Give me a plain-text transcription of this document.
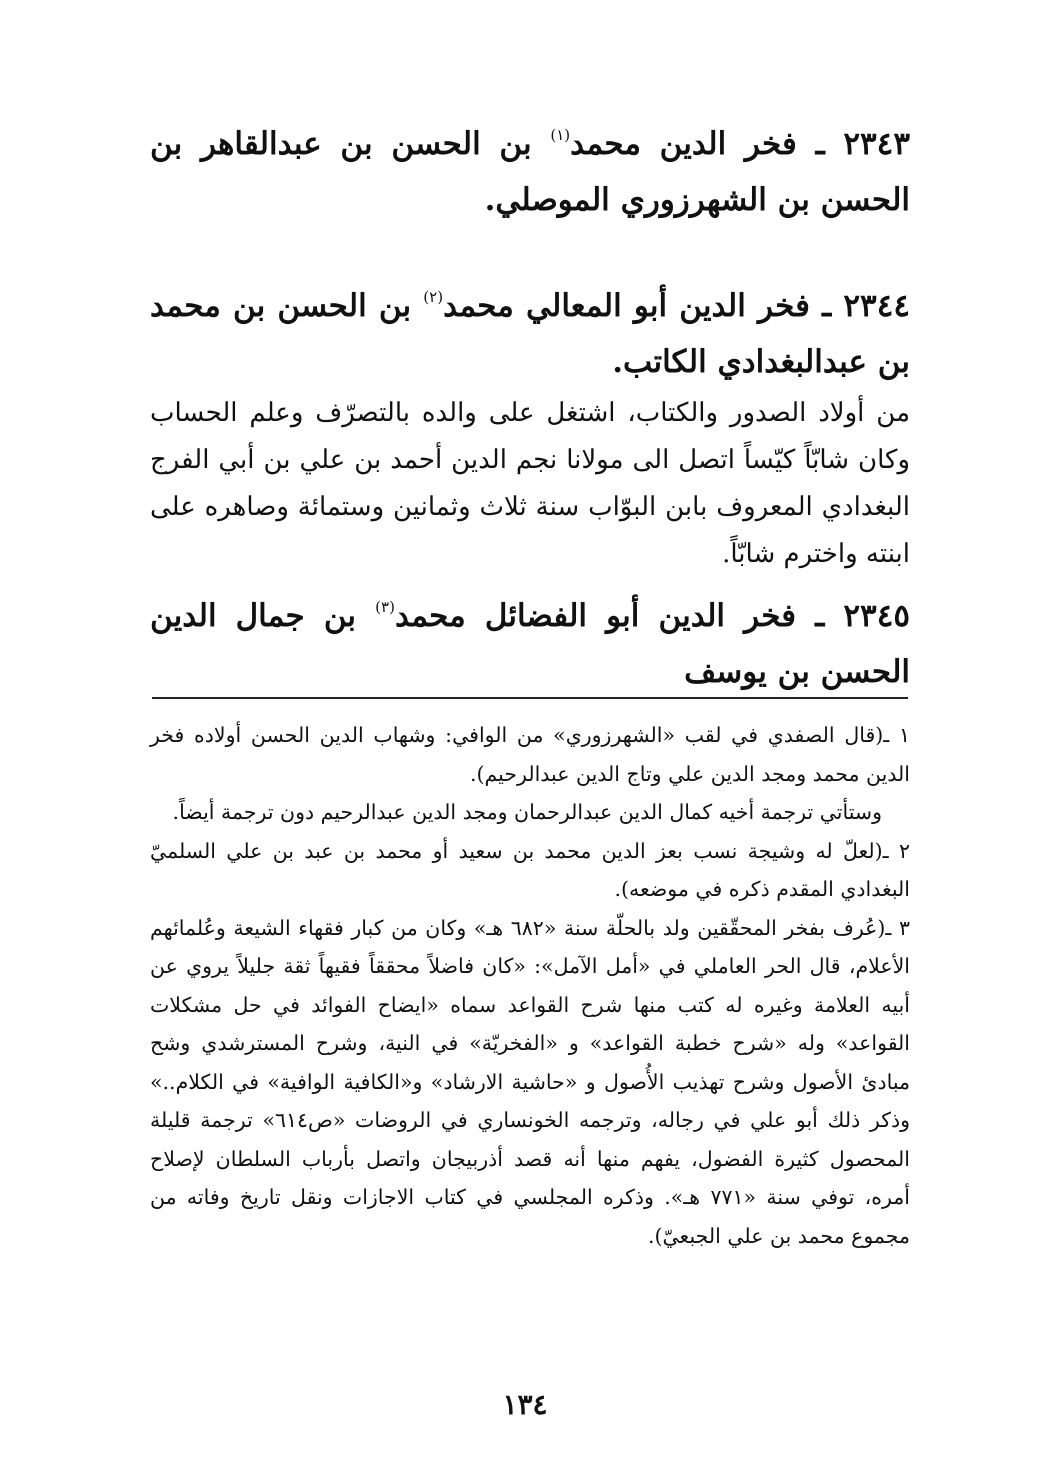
٢٣٤٣ ـ فخر الدين محمد$^{(١)}$ بن الحسن بن عبدالقاهر بن الحسن بن الشهرزوري الموصلي.
٢٣٤٤ ـ فخر الدين أبو المعالي محمد$^{(٢)}$ بن الحسن بن محمد بن عبدالبغدادي الكاتب.
من أولاد الصدور والكتاب، اشتغل على والده بالتصرّف وعلم الحساب وكان شابّاً كيّساً اتصل الى مولانا نجم الدين أحمد بن علي بن أبي الفرج البغدادي المعروف بابن البوّاب سنة ثلاث وثمانين وستمائة وصاهره على ابنته واخترم شابّاً.
٢٣٤٥ ـ فخر الدين أبو الفضائل محمد$^{(٣)}$ بن جمال الدين الحسن بن يوسف

١ ـ(قال الصفدي في لقب «الشهرزوري» من الوافي: وشهاب الدين الحسن أولاده فخر الدين محمد ومجد الدين علي وتاج الدين عبدالرحيم).

وستأتي ترجمة أخيه كمال الدين عبدالرحمان ومجد الدين عبدالرحيم دون ترجمة أيضاً.

٢ ـ(لعلّ له وشيجة نسب بعز الدين محمد بن سعيد أو محمد بن عبد بن علي السلميّ البغدادي المقدم ذكره في موضعه).

٣ ـ(عُرف بفخر المحقّقين ولد بالحلّة سنة «٦٨٢ هـ» وكان من كبار فقهاء الشيعة وعُلمائهم الأعلام، قال الحر العاملي في «أمل الآمل»: «كان فاضلاً محققاً فقيهاً ثقة جليلاً يروي عن أبيه العلامة وغيره له كتب منها شرح القواعد سماه «ايضاح الفوائد في حل مشكلات القواعد» وله «شرح خطبة القواعد» و «الفخريّة» في النية، وشرح المسترشدي وشح مبادئ الأصول وشرح تهذيب الأُصول و «حاشية الارشاد» و«الكافية الوافية» في الكلام..» وذكر ذلك أبو علي في رجاله، وترجمه الخونساري في الروضات «ص٦١٤» ترجمة قليلة المحصول كثيرة الفضول، يفهم منها أنه قصد أذربيجان واتصل بأرباب السلطان لإصلاح أمره، توفي سنة «٧٧١ هـ». وذكره المجلسي في كتاب الاجازات ونقل تاريخ وفاته من مجموع محمد بن علي الجبعيّ).

١٣٤
